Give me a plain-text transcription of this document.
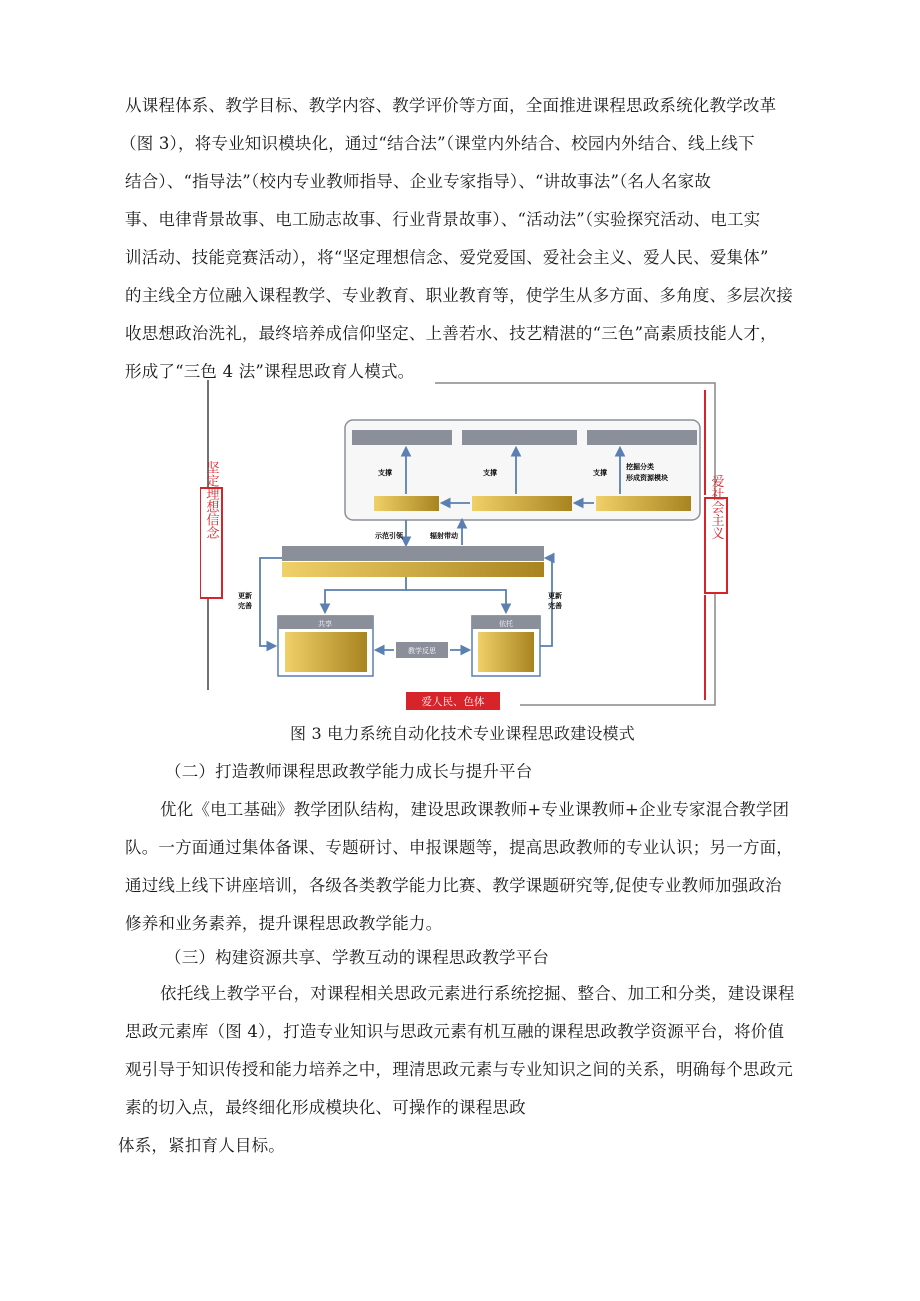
从课程体系、教学目标、教学内容、教学评价等方面，全面推进课程思政系统化教学改革
（图 3），将专业知识模块化，通过“结合法”（课堂内外结合、校园内外结合、线上线下
结合）、“指导法”（校内专业教师指导、企业专家指导）、“讲故事法”（名人名家故
事、电律背景故事、电工励志故事、行业背景故事）、“活动法”（实验探究活动、电工实
训活动、技能竞赛活动），将“坚定理想信念、爱党爱国、爱社会主义、爱人民、爱集体”
的主线全方位融入课程教学、专业教育、职业教育等，使学生从多方面、多角度、多层次接
收思想政治洗礼，最终培养成信仰坚定、上善若水、技艺精湛的“三色”高素质技能人才，
形成了“三色 4 法”课程思政育人模式。
坚定理想信念	爱社会主义
爱人民、色体
支撑	支撑	支撑
挖掘分类
形成资源模块
示范引领	辐射带动
更新
完善
更新
完善
共享	依托
教学反思
图 3 电力系统自动化技术专业课程思政建设模式
（二）打造教师课程思政教学能力成长与提升平台
优化《电工基础》教学团队结构，建设思政课教师+专业课教师+企业专家混合教学团
队。一方面通过集体备课、专题研讨、申报课题等，提高思政教师的专业认识；另一方面，
通过线上线下讲座培训，各级各类教学能力比赛、教学课题研究等,促使专业教师加强政治
修养和业务素养，提升课程思政教学能力。
（三）构建资源共享、学教互动的课程思政教学平台
依托线上教学平台，对课程相关思政元素进行系统挖掘、整合、加工和分类，建设课程
思政元素库（图 4），打造专业知识与思政元素有机互融的课程思政教学资源平台，将价值
观引导于知识传授和能力培养之中，理清思政元素与专业知识之间的关系，明确每个思政元
素的切入点，最终细化形成模块化、可操作的课程思政
体系，紧扣育人目标。
